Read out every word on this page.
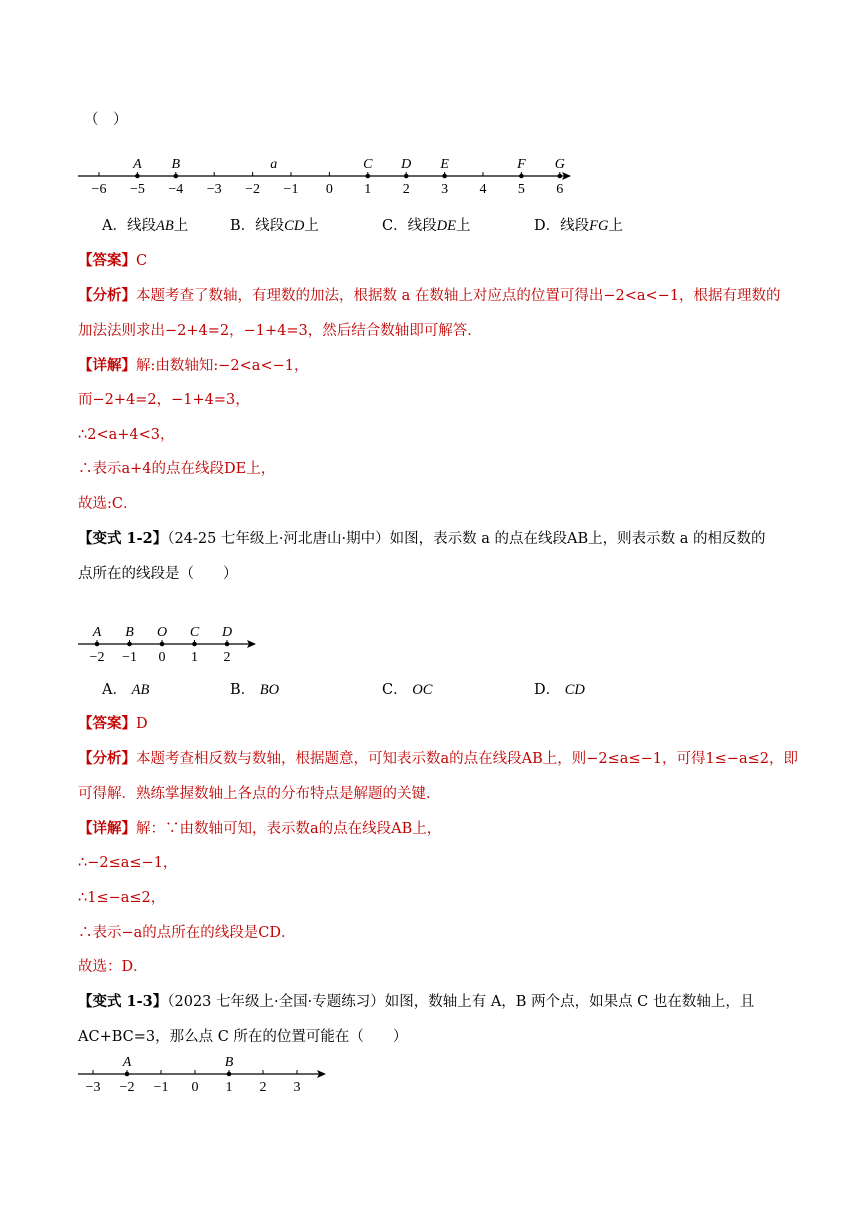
（　）
−6 −5 −4 −3 −2 −1 0 1 2 3 4 5 6
A B	a	C D E	F G
A．线段AB上	B．线段CD上	C．线段DE上	D．线段FG上
【答案】C
【分析】本题考查了数轴，有理数的加法，根据数 a 在数轴上对应点的位置可得出−2<a<−1，根据有理数的
加法法则求出−2+4=2，−1+4=3，然后结合数轴即可解答．
【详解】解:由数轴知:−2<a<−1，
而−2+4=2，−1+4=3，
∴2<a+4<3，
∴表示a+4的点在线段DE上，
故选:C．
【变式 1-2】（24-25 七年级上·河北唐山·期中）如图，表示数 a 的点在线段AB上，则表示数 a 的相反数的
点所在的线段是（　　）
−2 −1 0 1 2
A B O C D
A． AB	B． BO	C． OC	D． CD
【答案】D
【分析】本题考查相反数与数轴，根据题意，可知表示数a的点在线段AB上，则−2≤a≤−1，可得1≤−a≤2，即
可得解．熟练掌握数轴上各点的分布特点是解题的关键．
【详解】解：∵由数轴可知，表示数a的点在线段AB上，
∴−2≤a≤−1，
∴1≤−a≤2，
∴表示−a的点所在的线段是CD．
故选：D．
【变式 1-3】（2023 七年级上·全国·专题练习）如图，数轴上有 A，B 两个点，如果点 C 也在数轴上，且
AC+BC=3，那么点 C 所在的位置可能在（　　）
−3 −2 −1 0 1 2 3
A	B
